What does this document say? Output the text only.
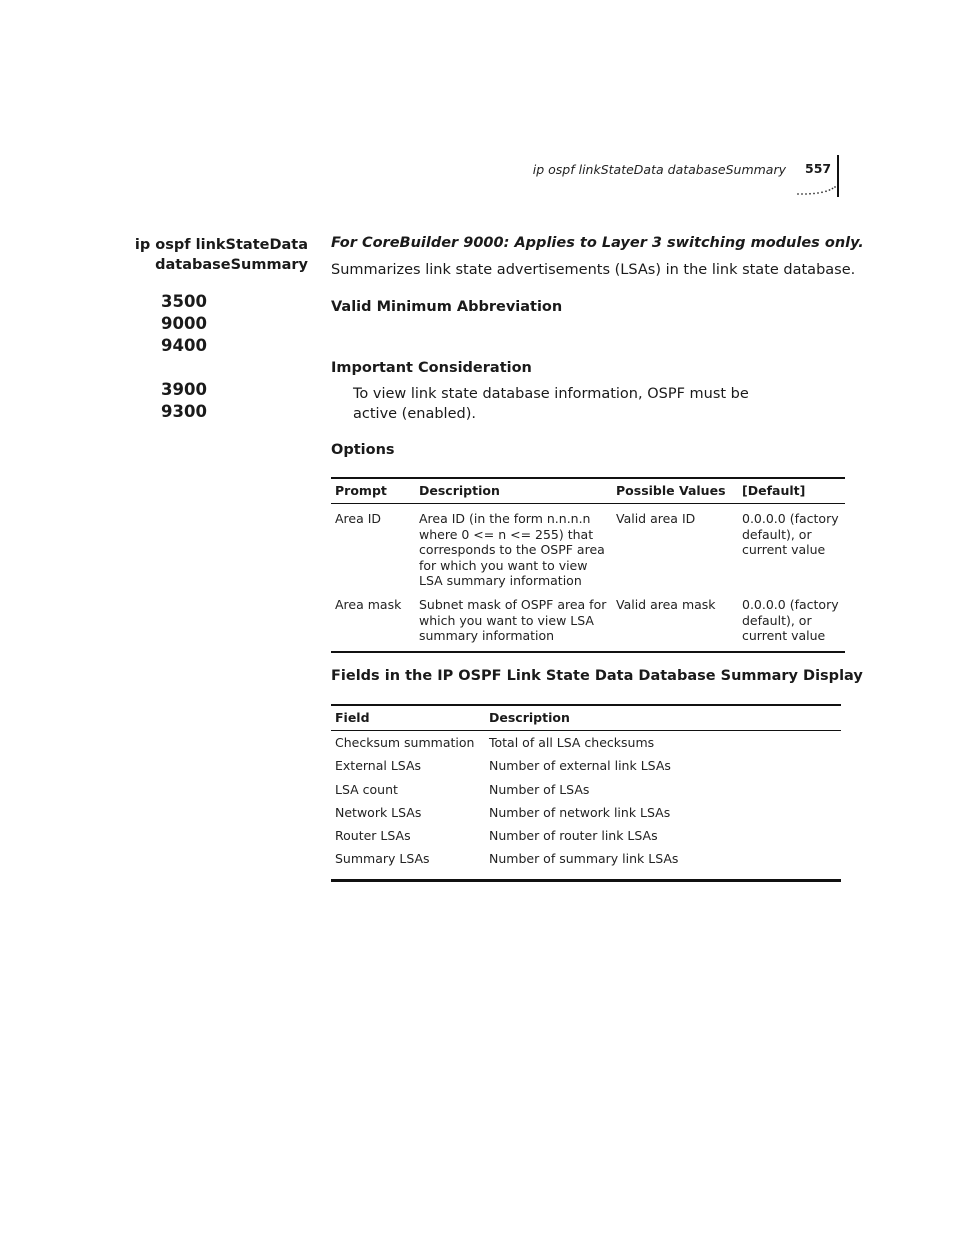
ip ospf linkStateData databaseSummary 557
ip ospf linkStateData
databaseSummary
3500
9000
9400
3900
9300
For CoreBuilder 9000: Applies to Layer 3 switching modules only.
Summarizes link state advertisements (LSAs) in the link state database.
Valid Minimum Abbreviation
Important Consideration
To view link state database information, OSPF must be active (enabled).
Options
Prompt	Description	Possible Values	[Default]
Area ID	Area ID (in the form n.n.n.n where 0 <= n <= 255) that corresponds to the OSPF area for which you want to view LSA summary information	Valid area ID	0.0.0.0 (factory default), or current value
Area mask	Subnet mask of OSPF area for which you want to view LSA summary information	Valid area mask	0.0.0.0 (factory default), or current value
Fields in the IP OSPF Link State Data Database Summary Display
Field	Description
Checksum summation	Total of all LSA checksums
External LSAs	Number of external link LSAs
LSA count	Number of LSAs
Network LSAs	Number of network link LSAs
Router LSAs	Number of router link LSAs
Summary LSAs	Number of summary link LSAs
